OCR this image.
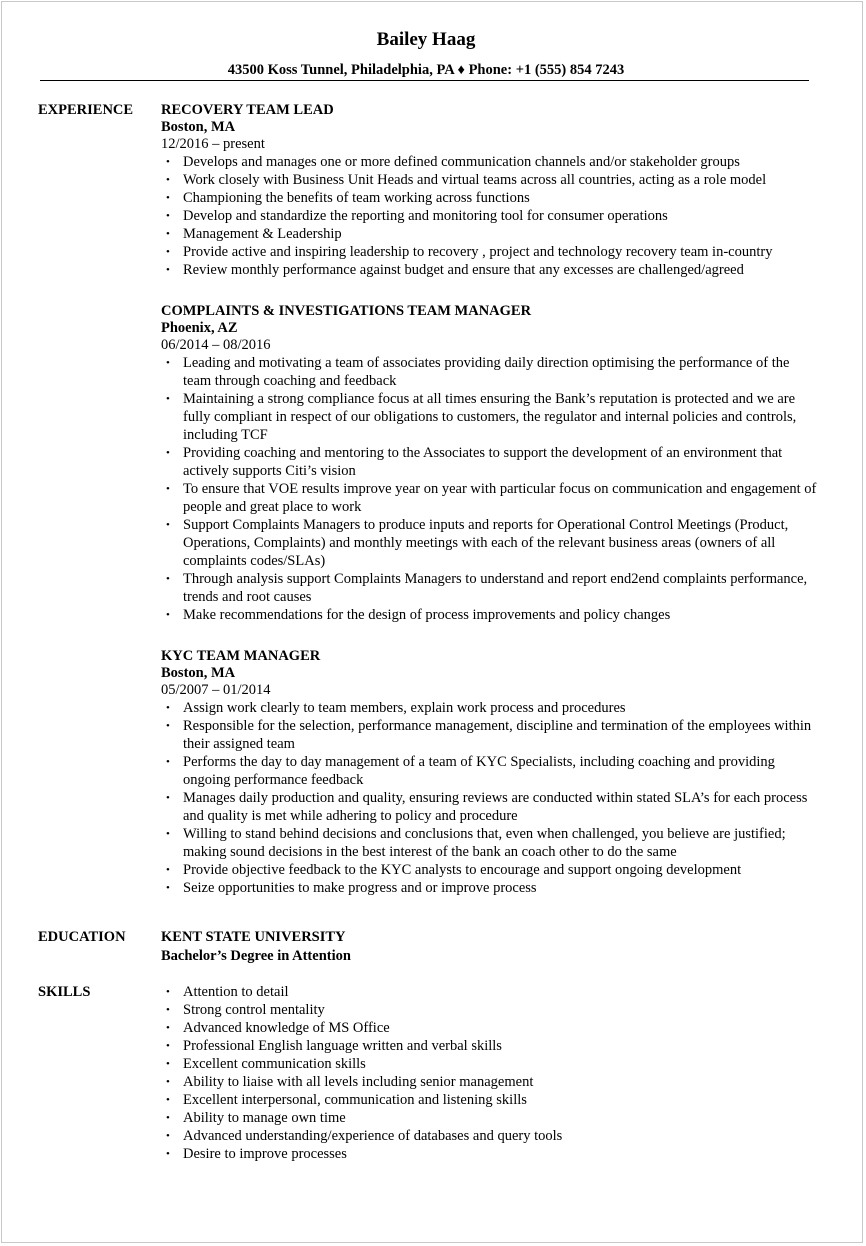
Bailey Haag
43500 Koss Tunnel, Philadelphia, PA ♦ Phone: +1 (555) 854 7243
EXPERIENCE RECOVERY TEAM LEAD
Boston, MA
12/2016 – present
• Develops and manages one or more defined communication channels and/or stakeholder groups
• Work closely with Business Unit Heads and virtual teams across all countries, acting as a role model
• Championing the benefits of team working across functions
• Develop and standardize the reporting and monitoring tool for consumer operations
• Management & Leadership
• Provide active and inspiring leadership to recovery , project and technology recovery team in-country
• Review monthly performance against budget and ensure that any excesses are challenged/agreed
COMPLAINTS & INVESTIGATIONS TEAM MANAGER
Phoenix, AZ
06/2014 – 08/2016
• Leading and motivating a team of associates providing daily direction optimising the performance of the team through coaching and feedback
• Maintaining a strong compliance focus at all times ensuring the Bank’s reputation is protected and we are fully compliant in respect of our obligations to customers, the regulator and internal policies and controls, including TCF
• Providing coaching and mentoring to the Associates to support the development of an environment that actively supports Citi’s vision
• To ensure that VOE results improve year on year with particular focus on communication and engagement of people and great place to work
• Support Complaints Managers to produce inputs and reports for Operational Control Meetings (Product, Operations, Complaints) and monthly meetings with each of the relevant business areas (owners of all complaints codes/SLAs)
• Through analysis support Complaints Managers to understand and report end2end complaints performance, trends and root causes
• Make recommendations for the design of process improvements and policy changes
KYC TEAM MANAGER
Boston, MA
05/2007 – 01/2014
• Assign work clearly to team members, explain work process and procedures
• Responsible for the selection, performance management, discipline and termination of the employees within their assigned team
• Performs the day to day management of a team of KYC Specialists, including coaching and providing ongoing performance feedback
• Manages daily production and quality, ensuring reviews are conducted within stated SLA’s for each process and quality is met while adhering to policy and procedure
• Willing to stand behind decisions and conclusions that, even when challenged, you believe are justified; making sound decisions in the best interest of the bank an coach other to do the same
• Provide objective feedback to the KYC analysts to encourage and support ongoing development
• Seize opportunities to make progress and or improve process
EDUCATION KENT STATE UNIVERSITY
Bachelor’s Degree in Attention
SKILLS	• Attention to detail
• Strong control mentality
• Advanced knowledge of MS Office
• Professional English language written and verbal skills
• Excellent communication skills
• Ability to liaise with all levels including senior management
• Excellent interpersonal, communication and listening skills
• Ability to manage own time
• Advanced understanding/experience of databases and query tools
• Desire to improve processes
